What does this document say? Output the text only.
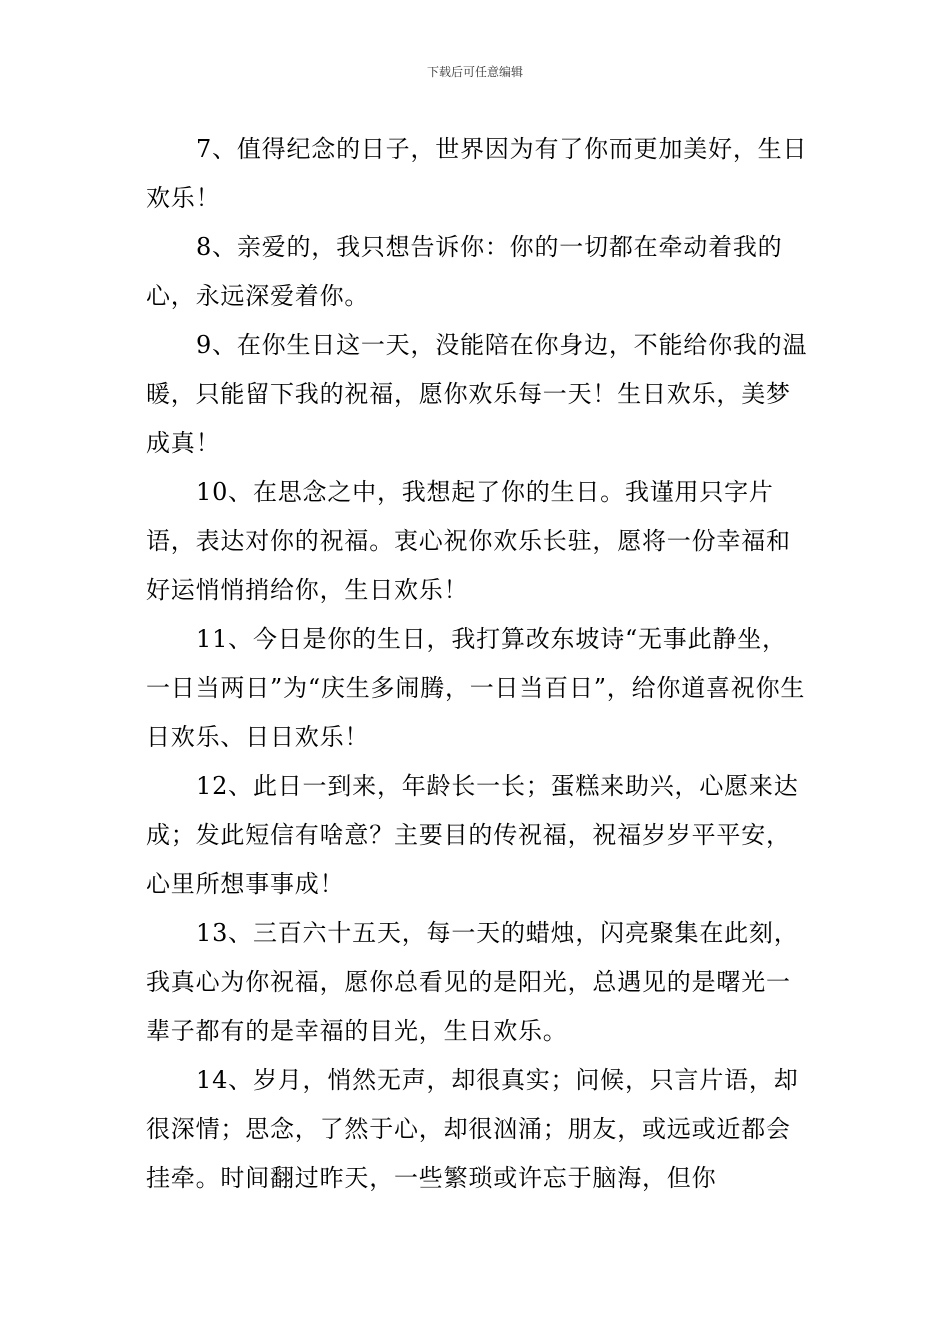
下载后可任意编辑

7、值得纪念的日子，世界因为有了你而更加美好，生日欢乐！

8、亲爱的，我只想告诉你：你的一切都在牵动着我的心，永远深爱着你。

9、在你生日这一天，没能陪在你身边，不能给你我的温暖，只能留下我的祝福，愿你欢乐每一天！生日欢乐，美梦成真！

10、在思念之中，我想起了你的生日。我谨用只字片语，表达对你的祝福。衷心祝你欢乐长驻，愿将一份幸福和好运悄悄捎给你，生日欢乐！

11、今日是你的生日，我打算改东坡诗“无事此静坐，一日当两日”为“庆生多闹腾，一日当百日”，给你道喜祝你生日欢乐、日日欢乐！

12、此日一到来，年龄长一长；蛋糕来助兴，心愿来达成；发此短信有啥意？主要目的传祝福，祝福岁岁平平安，心里所想事事成！

13、三百六十五天，每一天的蜡烛，闪亮聚集在此刻，我真心为你祝福，愿你总看见的是阳光，总遇见的是曙光一辈子都有的是幸福的目光，生日欢乐。

14、岁月，悄然无声，却很真实；问候，只言片语，却很深情；思念，了然于心，却很汹涌；朋友，或远或近都会挂牵。时间翻过昨天，一些繁琐或许忘于脑海，但你
